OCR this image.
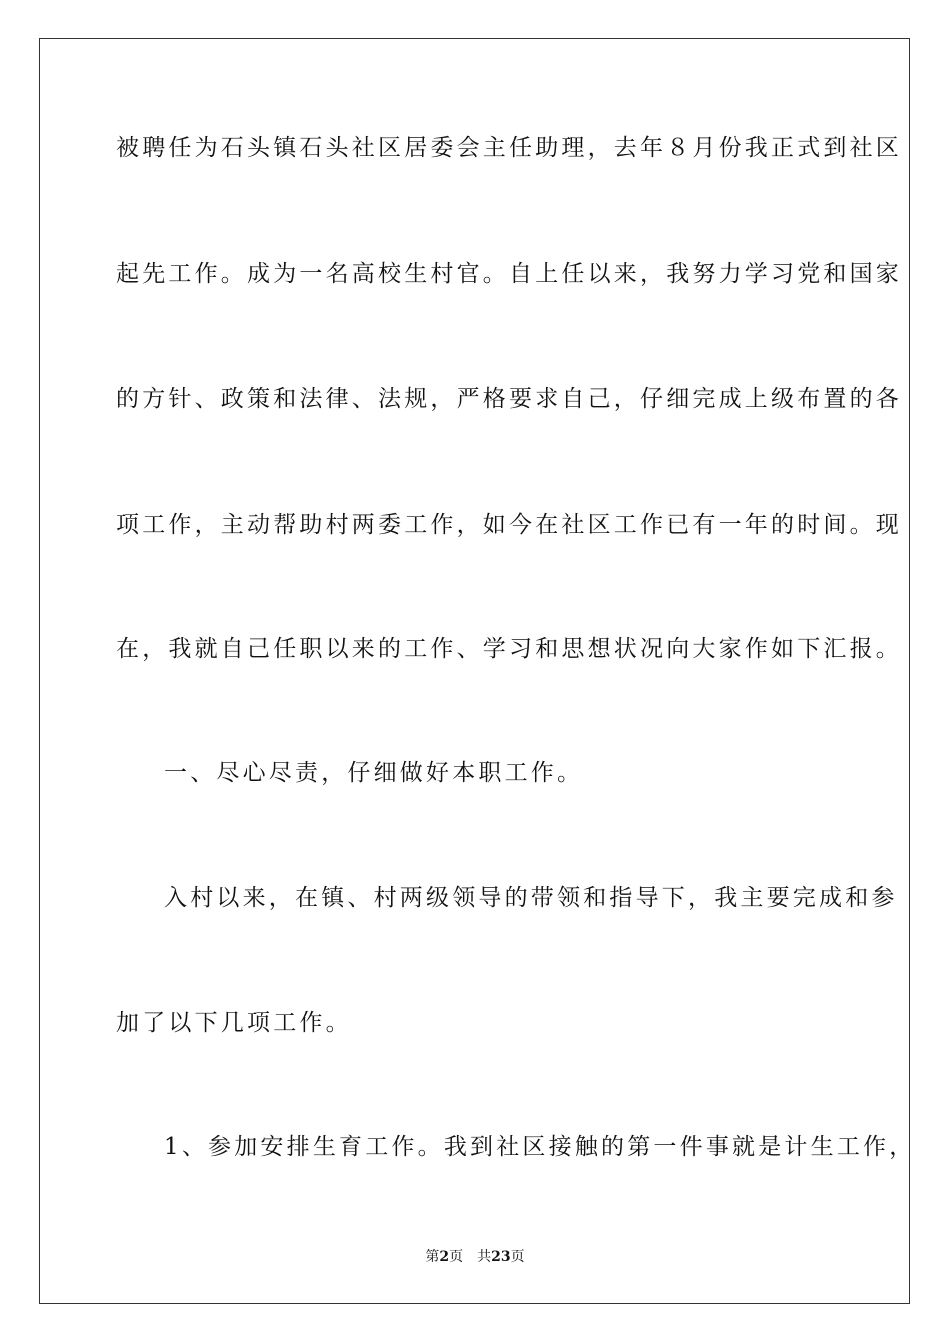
被聘任为石头镇石头社区居委会主任助理，去年８月份我正式到社区
起先工作。成为一名高校生村官。自上任以来，我努力学习党和国家
的方针、政策和法律、法规，严格要求自己，仔细完成上级布置的各
项工作，主动帮助村两委工作，如今在社区工作已有一年的时间。现
在，我就自己任职以来的工作、学习和思想状况向大家作如下汇报。
一、尽心尽责，仔细做好本职工作。
入村以来，在镇、村两级领导的带领和指导下，我主要完成和参
加了以下几项工作。
1、参加安排生育工作。我到社区接触的第一件事就是计生工作，
第2页 共23页
